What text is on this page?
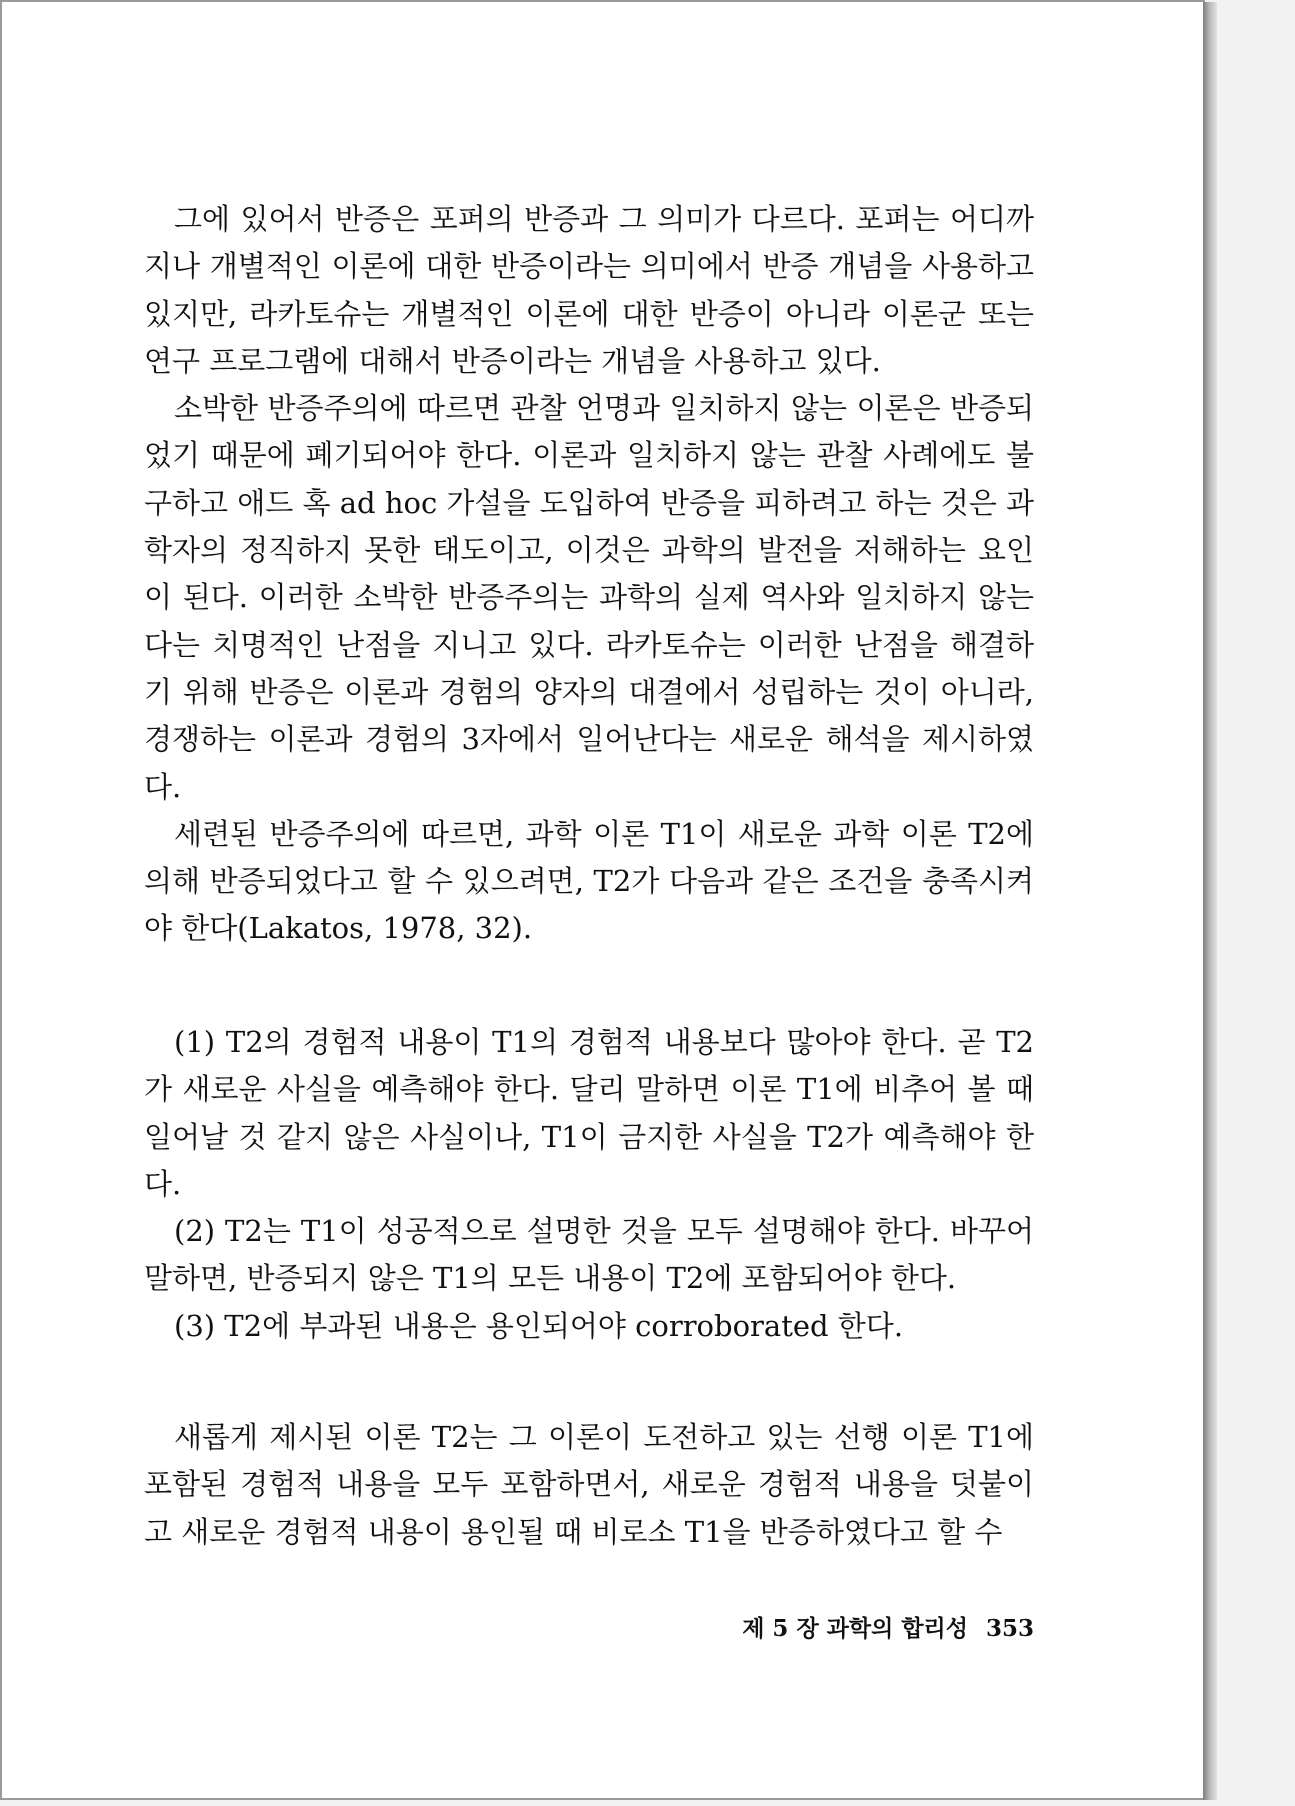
그에 있어서 반증은 포퍼의 반증과 그 의미가 다르다. 포퍼는 어디까지나 개별적인 이론에 대한 반증이라는 의미에서 반증 개념을 사용하고 있지만, 라카토슈는 개별적인 이론에 대한 반증이 아니라 이론군 또는 연구 프로그램에 대해서 반증이라는 개념을 사용하고 있다.

소박한 반증주의에 따르면 관찰 언명과 일치하지 않는 이론은 반증되었기 때문에 폐기되어야 한다. 이론과 일치하지 않는 관찰 사례에도 불구하고 애드 혹 ad hoc 가설을 도입하여 반증을 피하려고 하는 것은 과학자의 정직하지 못한 태도이고, 이것은 과학의 발전을 저해하는 요인이 된다. 이러한 소박한 반증주의는 과학의 실제 역사와 일치하지 않는다는 치명적인 난점을 지니고 있다. 라카토슈는 이러한 난점을 해결하기 위해 반증은 이론과 경험의 양자의 대결에서 성립하는 것이 아니라, 경쟁하는 이론과 경험의 3자에서 일어난다는 새로운 해석을 제시하였다.

세련된 반증주의에 따르면, 과학 이론 T1이 새로운 과학 이론 T2에 의해 반증되었다고 할 수 있으려면, T2가 다음과 같은 조건을 충족시켜야 한다(Lakatos, 1978, 32).

(1) T2의 경험적 내용이 T1의 경험적 내용보다 많아야 한다. 곧 T2가 새로운 사실을 예측해야 한다. 달리 말하면 이론 T1에 비추어 볼 때 일어날 것 같지 않은 사실이나, T1이 금지한 사실을 T2가 예측해야 한다.

(2) T2는 T1이 성공적으로 설명한 것을 모두 설명해야 한다. 바꾸어 말하면, 반증되지 않은 T1의 모든 내용이 T2에 포함되어야 한다.

(3) T2에 부과된 내용은 용인되어야 corroborated 한다.

새롭게 제시된 이론 T2는 그 이론이 도전하고 있는 선행 이론 T1에 포함된 경험적 내용을 모두 포함하면서, 새로운 경험적 내용을 덧붙이고 새로운 경험적 내용이 용인될 때 비로소 T1을 반증하였다고 할 수

제 5 장 과학의 합리성 353
